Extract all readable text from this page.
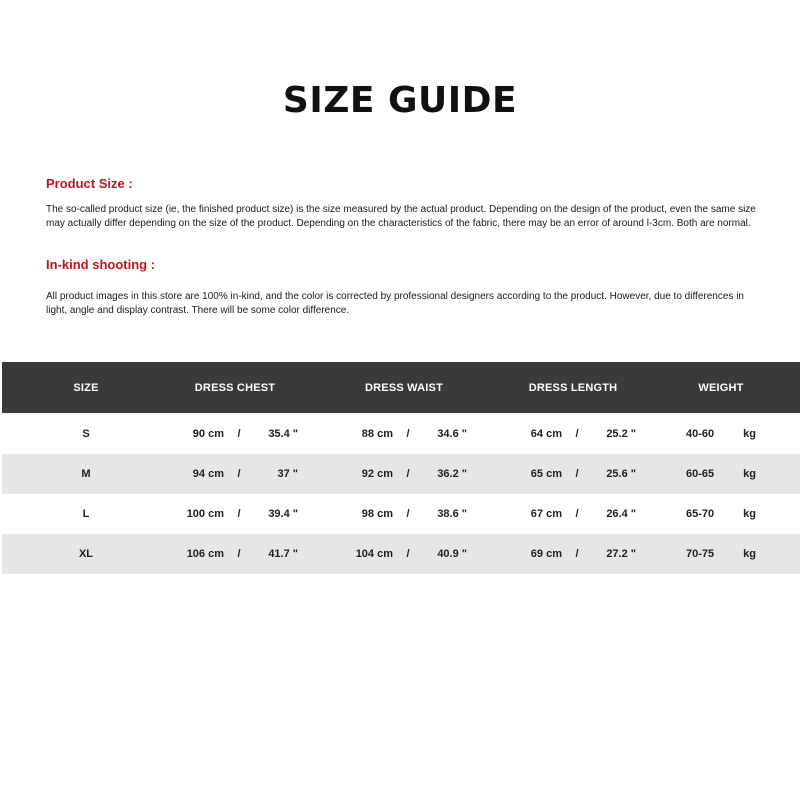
SIZE GUIDE
Product Size :
The so-called product size (ie, the finished product size) is the size measured by the actual product. Depending on the design of the product, even the same size may actually differ depending on the size of the product. Depending on the characteristics of the fabric, there may be an error of around l-3cm. Both are normal.
In-kind shooting :
All product images in this store are 100% in-kind, and the color is corrected by professional designers according to the product. However, due to differences in light, angle and display contrast. There will be some color difference.
SIZE	DRESS CHEST	DRESS WAIST	DRESS LENGTH	WEIGHT
S	90 cm	/	35.4 "	88 cm	/	34.6 "	64 cm	/	25.2 "	40-60	kg
M	94 cm	/	37 "	92 cm	/	36.2 "	65 cm	/	25.6 "	60-65	kg
L	100 cm	/	39.4 "	98 cm	/	38.6 "	67 cm	/	26.4 "	65-70	kg
XL	106 cm	/	41.7 "	104 cm	/	40.9 "	69 cm	/	27.2 "	70-75	kg
